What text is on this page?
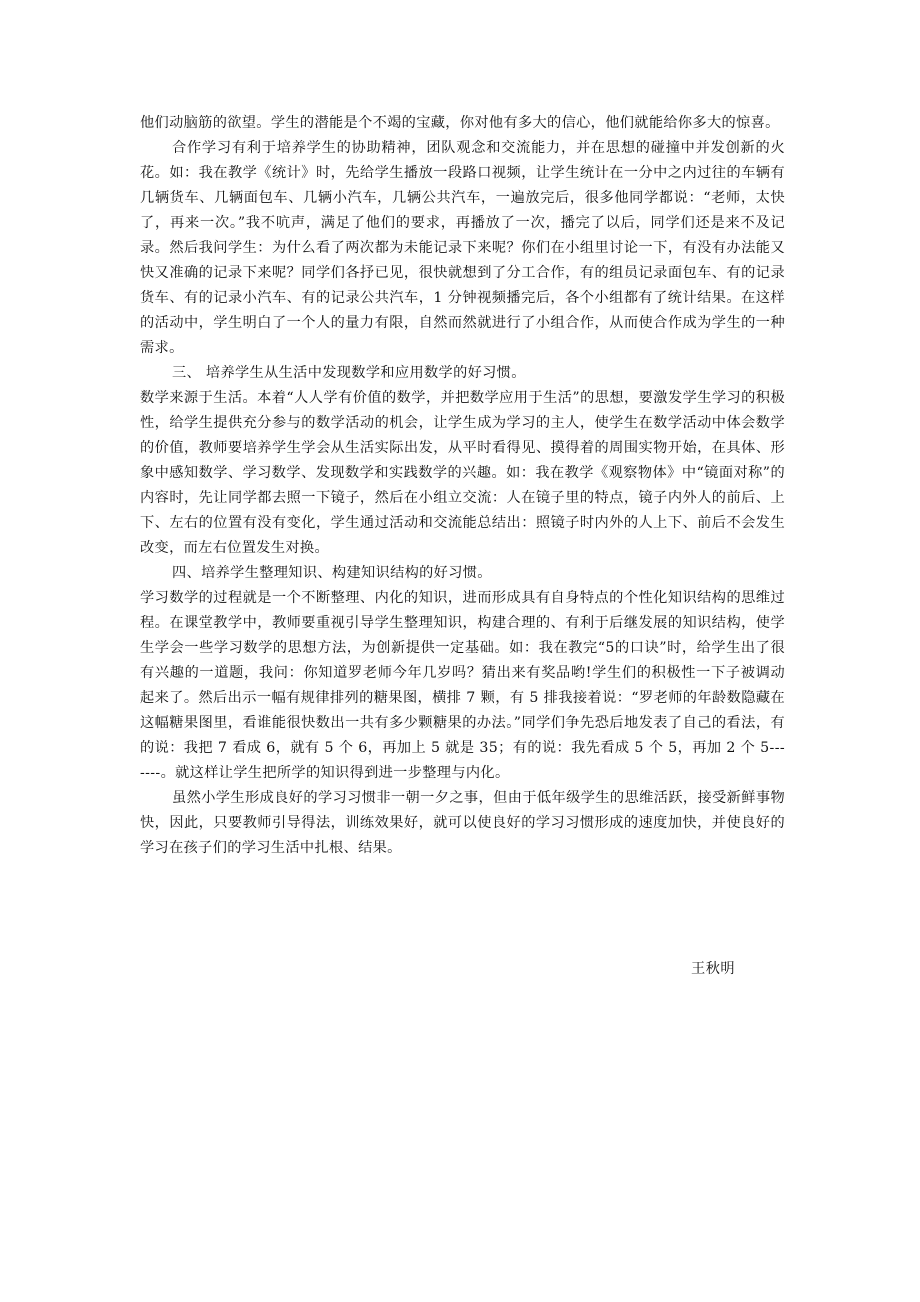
他们动脑筋的欲望。学生的潜能是个不竭的宝藏，你对他有多大的信心，他们就能给你多大的惊喜。

合作学习有利于培养学生的协助精神，团队观念和交流能力，并在思想的碰撞中并发创新的火花。如：我在教学《统计》时，先给学生播放一段路口视频，让学生统计在一分中之内过往的车辆有几辆货车、几辆面包车、几辆小汽车，几辆公共汽车，一遍放完后，很多他同学都说：“老师，太快了，再来一次。”我不吭声，满足了他们的要求，再播放了一次，播完了以后，同学们还是来不及记录。然后我问学生：为什么看了两次都为未能记录下来呢？你们在小组里讨论一下，有没有办法能又快又准确的记录下来呢？同学们各抒已见，很快就想到了分工合作，有的组员记录面包车、有的记录货车、有的记录小汽车、有的记录公共汽车，1 分钟视频播完后，各个小组都有了统计结果。在这样的活动中，学生明白了一个人的量力有限，自然而然就进行了小组合作，从而使合作成为学生的一种需求。

三、 培养学生从生活中发现数学和应用数学的好习惯。

数学来源于生活。本着“人人学有价值的数学，并把数学应用于生活”的思想，要激发学生学习的积极性，给学生提供充分参与的数学活动的机会，让学生成为学习的主人，使学生在数学活动中体会数学的价值，教师要培养学生学会从生活实际出发，从平时看得见、摸得着的周围实物开始，在具体、形象中感知数学、学习数学、发现数学和实践数学的兴趣。如：我在教学《观察物体》中“镜面对称”的内容时，先让同学都去照一下镜子，然后在小组立交流：人在镜子里的特点，镜子内外人的前后、上下、左右的位置有没有变化，学生通过活动和交流能总结出：照镜子时内外的人上下、前后不会发生改变，而左右位置发生对换。

四、培养学生整理知识、构建知识结构的好习惯。

学习数学的过程就是一个不断整理、内化的知识，进而形成具有自身特点的个性化知识结构的思维过程。在课堂教学中，教师要重视引导学生整理知识，构建合理的、有利于后继发展的知识结构，使学生学会一些学习数学的思想方法，为创新提供一定基础。如：我在教完“5的口诀”时，给学生出了很有兴趣的一道题，我问：你知道罗老师今年几岁吗？猜出来有奖品哟!学生们的积极性一下子被调动起来了。然后出示一幅有规律排列的糖果图，横排 7 颗，有 5 排我接着说：“罗老师的年龄数隐藏在这幅糖果图里，看谁能很快数出一共有多少颗糖果的办法。”同学们争先恐后地发表了自己的看法，有的说：我把 7 看成 6，就有 5 个 6，再加上 5 就是 35；有的说：我先看成 5 个 5，再加 2 个 5-------。就这样让学生把所学的知识得到进一步整理与内化。

虽然小学生形成良好的学习习惯非一朝一夕之事，但由于低年级学生的思维活跃，接受新鲜事物快，因此，只要教师引导得法，训练效果好，就可以使良好的学习习惯形成的速度加快，并使良好的学习在孩子们的学习生活中扎根、结果。

王秋明
